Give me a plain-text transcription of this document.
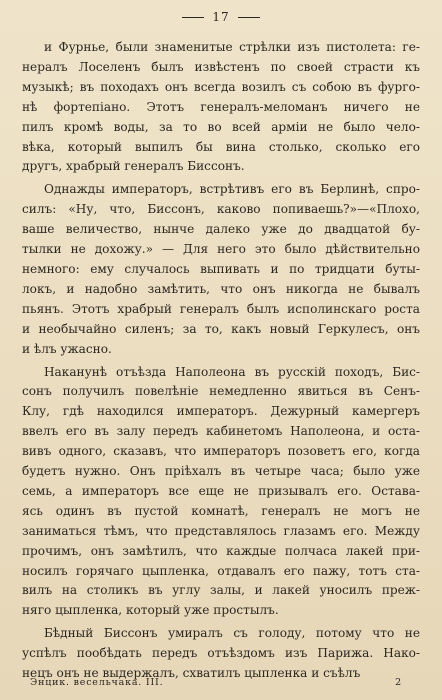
17

и Фурнье, были знаменитые стрѣлки изъ пистолета: ге-
нералъ Лоселенъ былъ извѣстенъ по своей страсти къ
музыкѣ; въ походахъ онъ всегда возилъ съ собою въ фурго-
нѣ фортепіано. Этотъ генералъ-меломанъ ничего не
пилъ кромѣ воды, за то во всей арміи не было чело-
вѣка, который выпилъ бы вина столько, сколько его
другъ, храбрый генералъ Биссонъ.

Однажды императоръ, встрѣтивъ его въ Берлинѣ, спро-
силъ: «Ну, что, Биссонъ, каково попиваешь?»—«Плохо,
ваше величество, нынче далеко уже до двадцатой бу-
тылки не дохожу.» — Для него это было дѣйствительно
немного: ему случалось выпивать и по тридцати буты-
локъ, и надобно замѣтить, что онъ никогда не бывалъ
пьянъ. Этотъ храбрый генералъ былъ исполинскаго роста
и необычайно силенъ; за то, какъ новый Геркулесъ, онъ
и ѣлъ ужасно.

Наканунѣ отъѣзда Наполеона въ русскій походъ, Бис-
сонъ получилъ повелѣніе немедленно явиться въ Сенъ-
Клу, гдѣ находился императоръ. Дежурный камергеръ
ввелъ его въ залу передъ кабинетомъ Наполеона, и оста-
вивъ одного, сказавъ, что императоръ позоветъ его, когда
будетъ нужно. Онъ пріѣхалъ въ четыре часа; было уже
семь, а императоръ все еще не призывалъ его. Остава-
ясь одинъ въ пустой комнатѣ, генералъ не могъ не
заниматься тѣмъ, что представлялось глазамъ его. Между
прочимъ, онъ замѣтилъ, что каждые полчаса лакей при-
носилъ горячаго цыпленка, отдавалъ его пажу, тотъ ста-
вилъ на столикъ въ углу залы, и лакей уносилъ преж-
няго цыпленка, который уже простылъ.

Бѣдный Биссонъ умиралъ съ голоду, потому что не
успѣлъ пообѣдать передъ отъѣздомъ изъ Парижа. Нако-
нецъ онъ не выдержалъ, схватилъ цыпленка и съѣлъ

Энцик. весельчака. III.	2
